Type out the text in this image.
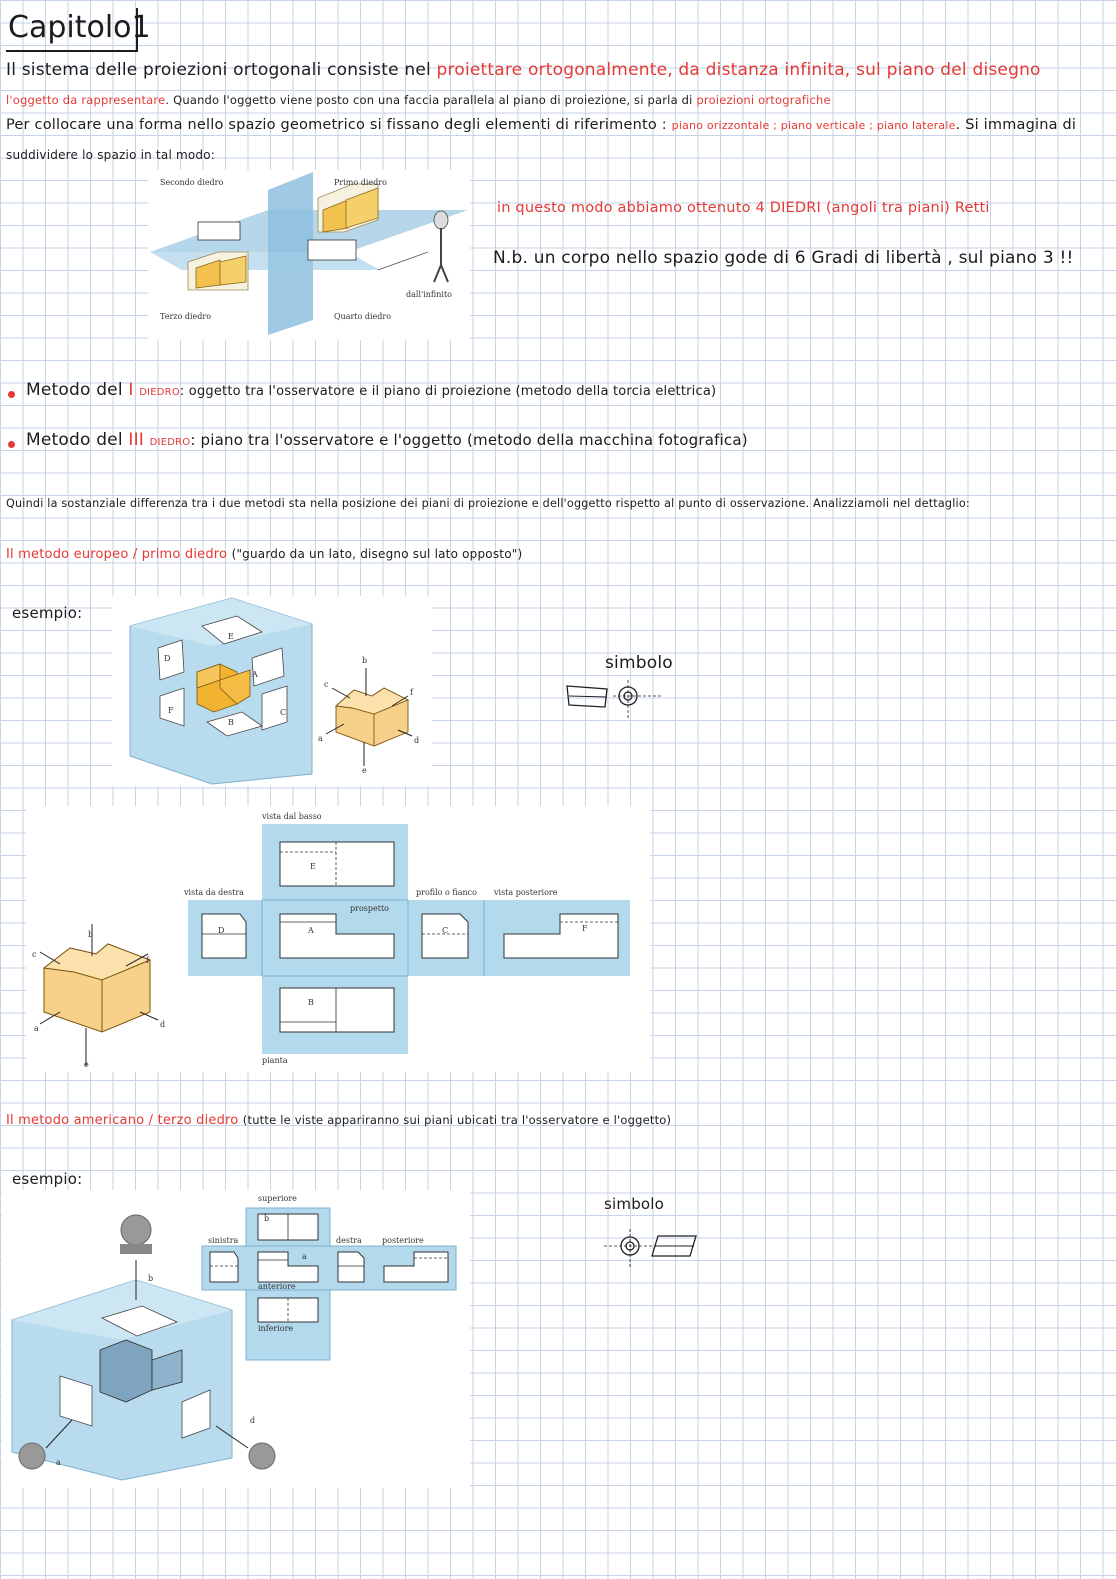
Capitolo1
Il sistema delle proiezioni ortogonali consiste nel proiettare ortogonalmente, da distanza infinita, sul piano del disegno
l'oggetto da rappresentare. Quando l'oggetto viene posto con una faccia parallela al piano di proiezione, si parla di proiezioni ortografiche
Per collocare una forma nello spazio geometrico si fissano degli elementi di riferimento : piano orizzontale ; piano verticale ; piano laterale. Si immagina di
suddividere lo spazio in tal modo:
Secondo diedro	Primo diedro
Terzo diedro	Quarto diedro
dall'infinito
in questo modo abbiamo ottenuto 4 DIEDRI (angoli tra piani) Retti
N.b. un corpo nello spazio gode di 6 Gradi di libertà , sul piano 3 !!
Metodo del I DIEDRO: oggetto tra l'osservatore e il piano di proiezione (metodo della torcia elettrica)
Metodo del III DIEDRO: piano tra l'osservatore e l'oggetto (metodo della macchina fotografica)
Quindi la sostanziale differenza tra i due metodi sta nella posizione dei piani di proiezione e dell'oggetto rispetto al punto di osservazione. Analizziamoli nel dettaglio:
Il metodo europeo / primo diedro ("guardo da un lato, disegno sul lato opposto")
esempio:
E
D
A
F
B
C
b
c
f
a	d
e
simbolo
vista dal basso
vista da destra
prospetto
profilo o fianco vista posteriore
pianta
E
D	A	C	F
B
b
c
f
a	d
e
Il metodo americano / terzo diedro (tutte le viste appariranno sui piani ubicati tra l'osservatore e l'oggetto)
esempio:
superiore
sinistra	destra	posteriore
anteriore
inferiore
b
a
b
d
a
simbolo
